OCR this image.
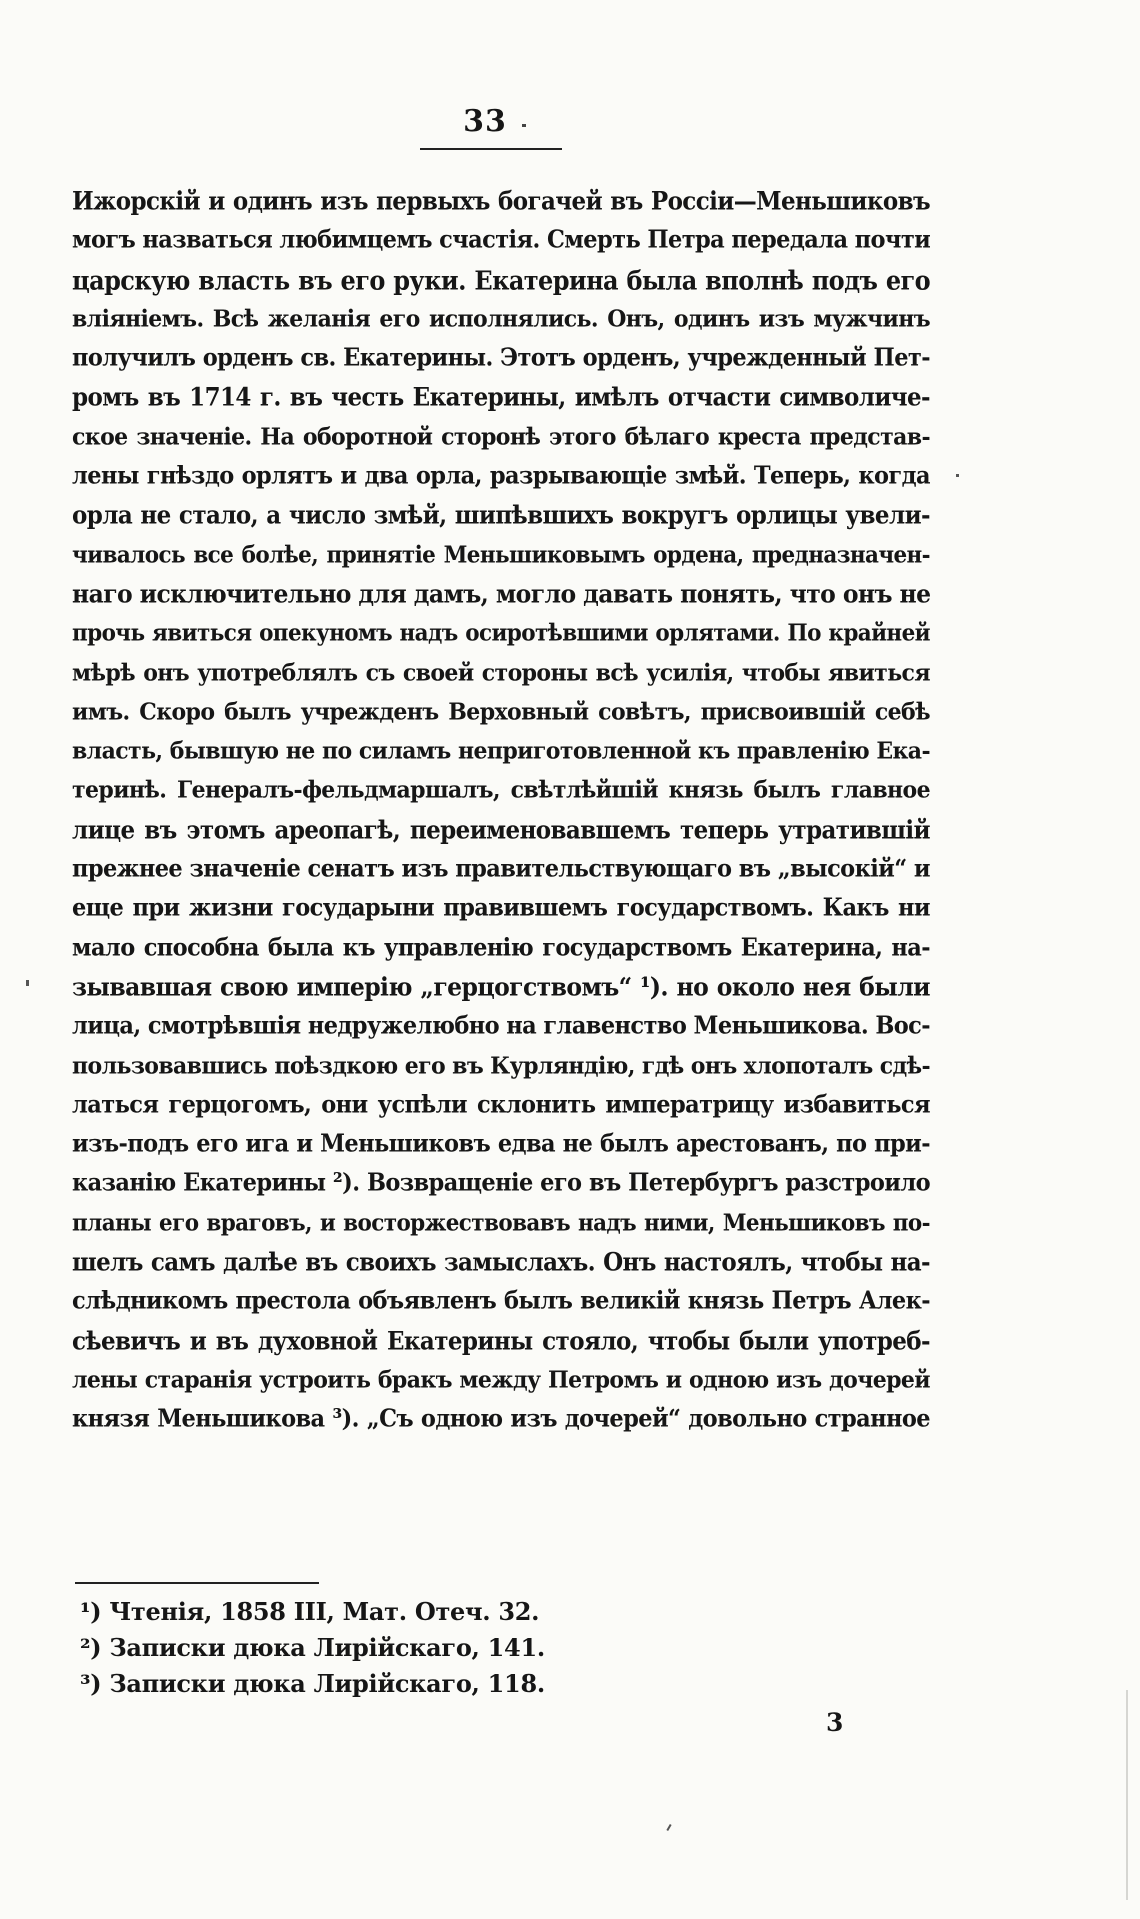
33
Ижорскій и одинъ изъ первыхъ богачей въ Россіи—Меньшиковъ
могъ назваться любимцемъ счастія. Смерть Петра передала почти
царскую власть въ его руки. Екатерина была вполнѣ подъ его
вліяніемъ. Всѣ желанія его исполнялись. Онъ, одинъ изъ мужчинъ
получилъ орденъ св. Екатерины. Этотъ орденъ, учрежденный Пет-
ромъ въ 1714 г. въ честь Екатерины, имѣлъ отчасти символиче-
ское значеніе. На оборотной сторонѣ этого бѣлаго креста представ-
лены гнѣздо орлятъ и два орла, разрывающіе змѣй. Теперь, когда
орла не стало, а число змѣй, шипѣвшихъ вокругъ орлицы увели-
чивалось все болѣе, принятіе Меньшиковымъ ордена, предназначен-
наго исключительно для дамъ, могло давать понять, что онъ не
прочь явиться опекуномъ надъ осиротѣвшими орлятами. По крайней
мѣрѣ онъ употреблялъ съ своей стороны всѣ усилія, чтобы явиться
имъ. Скоро былъ учрежденъ Верховный совѣтъ, присвоившій себѣ
власть, бывшую не по силамъ неприготовленной къ правленію Ека-
теринѣ. Генералъ-фельдмаршалъ, свѣтлѣйшій князь былъ главное
лице въ этомъ ареопагѣ, переименовавшемъ теперь утратившій
прежнее значеніе сенатъ изъ правительствующаго въ „высокій“ и
еще при жизни государыни правившемъ государствомъ. Какъ ни
мало способна была къ управленію государствомъ Екатерина, на-
зывавшая свою имперію „герцогствомъ“ ¹). но около нея были
лица, смотрѣвшія недружелюбно на главенство Меньшикова. Вос-
пользовавшись поѣздкою его въ Курляндію, гдѣ онъ хлопоталъ сдѣ-
латься герцогомъ, они успѣли склонить императрицу избавиться
изъ-подъ его ига и Меньшиковъ едва не былъ арестованъ, по при-
казанію Екатерины ²). Возвращеніе его въ Петербургъ разстроило
планы его враговъ, и восторжествовавъ надъ ними, Меньшиковъ по-
шелъ самъ далѣе въ своихъ замыслахъ. Онъ настоялъ, чтобы на-
слѣдникомъ престола объявленъ былъ великій князь Петръ Алек-
сѣевичъ и въ духовной Екатерины стояло, чтобы были употреб-
лены старанія устроить бракъ между Петромъ и одною изъ дочерей
князя Меньшикова ³). „Съ одною изъ дочерей“ довольно странное
¹) Чтенія, 1858 III, Мат. Отеч. 32.
²) Записки дюка Лирійскаго, 141.
³) Записки дюка Лирійскаго, 118.
3
